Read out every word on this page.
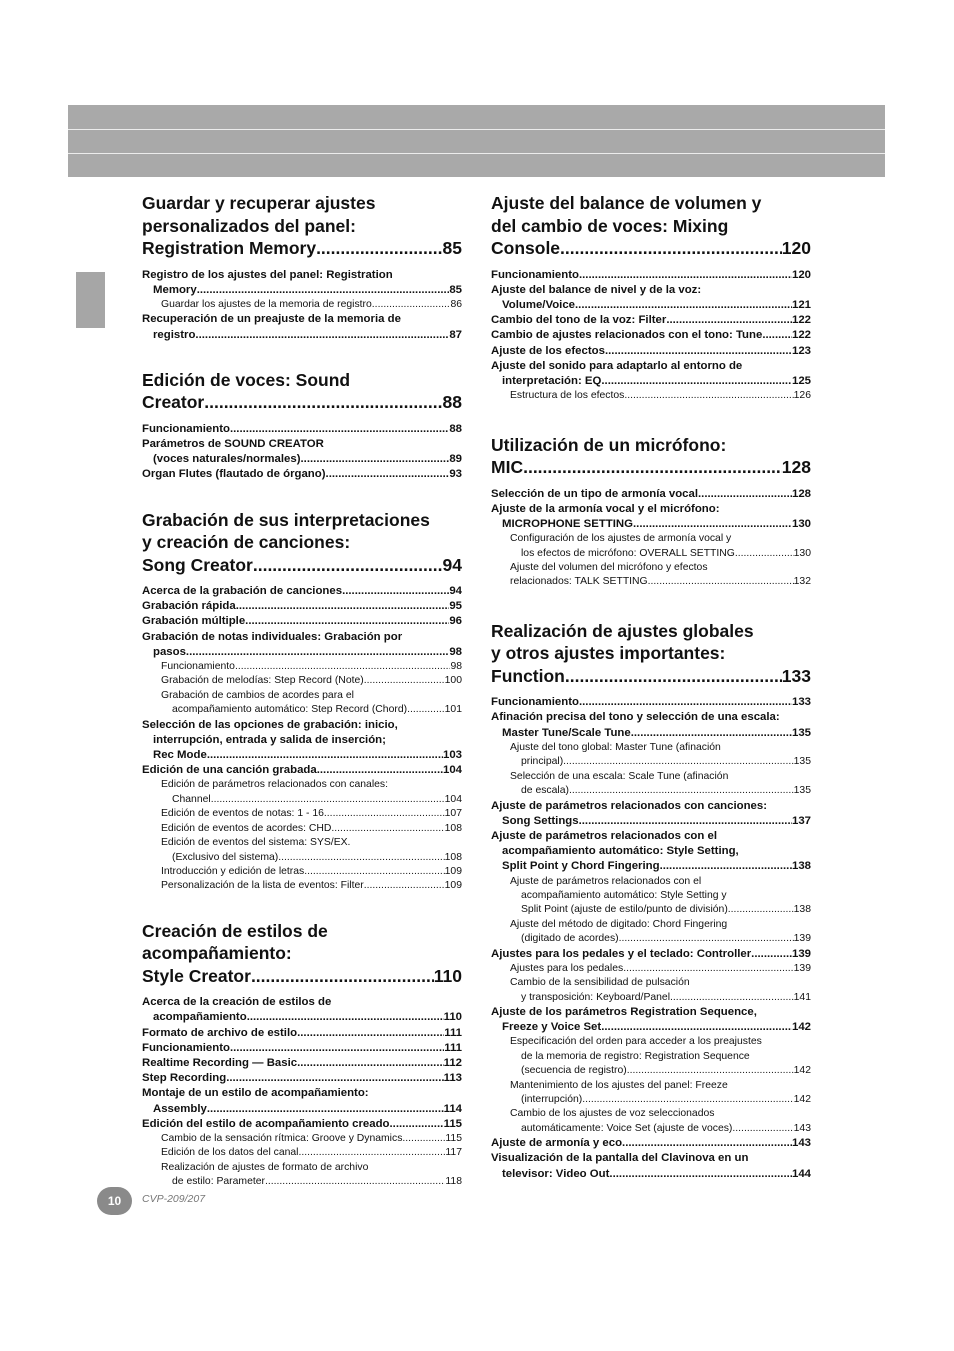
Guardar y recuperar ajustes
personalizados del panel:
Registration Memory .....	85
Registro de los ajustes del panel: Registration
Memory .....	85
Guardar los ajustes de la memoria de registro .....	86
Recuperación de un preajuste de la memoria de
registro .....	87
Edición de voces: Sound
Creator .....	88
Funcionamiento .....	88
Parámetros de SOUND CREATOR
(voces naturales/normales) .....	89
Organ Flutes (flautado de órgano) .....	93
Grabación de sus interpretaciones
y creación de canciones:
Song Creator .....	94
Acerca de la grabación de canciones .....	94
Grabación rápida .....	95
Grabación múltiple .....	96
Grabación de notas individuales: Grabación por
pasos .....	98
Funcionamiento .....	98
Grabación de melodías: Step Record (Note) .....	100
Grabación de cambios de acordes para el
acompañamiento automático: Step Record (Chord) .....	101
Selección de las opciones de grabación: inicio,
interrupción, entrada y salida de inserción;
Rec Mode .....	103
Edición de una canción grabada .....	104
Edición de parámetros relacionados con canales:
Channel .....	104
Edición de eventos de notas: 1 - 16 .....	107
Edición de eventos de acordes: CHD .....	108
Edición de eventos del sistema: SYS/EX.
(Exclusivo del sistema) .....	108
Introducción y edición de letras .....	109
Personalización de la lista de eventos: Filter .....	109
Creación de estilos de
acompañamiento:
Style Creator .....	110
Acerca de la creación de estilos de
acompañamiento .....	110
Formato de archivo de estilo .....	111
Funcionamiento .....	111
Realtime Recording — Basic .....	112
Step Recording .....	113
Montaje de un estilo de acompañamiento:
Assembly .....	114
Edición del estilo de acompañamiento creado .....	115
Cambio de la sensación rítmica: Groove y Dynamics .....	115
Edición de los datos del canal .....	117
Realización de ajustes de formato de archivo
de estilo: Parameter .....	118
Ajuste del balance de volumen y
del cambio de voces: Mixing
Console .....	120
Funcionamiento .....	120
Ajuste del balance de nivel y de la voz:
Volume/Voice .....	121
Cambio del tono de la voz: Filter .....	122
Cambio de ajustes relacionados con el tono: Tune .....	122
Ajuste de los efectos .....	123
Ajuste del sonido para adaptarlo al entorno de
interpretación: EQ .....	125
Estructura de los efectos .....	126
Utilización de un micrófono:
MIC. .....	128
Selección de un tipo de armonía vocal .....	128
Ajuste de la armonía vocal y el micrófono:
MICROPHONE SETTING .....	130
Configuración de los ajustes de armonía vocal y
los efectos de micrófono: OVERALL SETTING .....	130
Ajuste del volumen del micrófono y efectos
relacionados: TALK SETTING .....	132
Realización de ajustes globales
y otros ajustes importantes:
Function .....	133
Funcionamiento .....	133
Afinación precisa del tono y selección de una escala:
Master Tune/Scale Tune .....	135
Ajuste del tono global: Master Tune (afinación
principal) .....	135
Selección de una escala: Scale Tune (afinación
de escala) .....	135
Ajuste de parámetros relacionados con canciones:
Song Settings .....	137
Ajuste de parámetros relacionados con el
acompañamiento automático: Style Setting,
Split Point y Chord Fingering .....	138
Ajuste de parámetros relacionados con el
acompañamiento automático: Style Setting y
Split Point (ajuste de estilo/punto de división) .....	138
Ajuste del método de digitado: Chord Fingering
(digitado de acordes) .....	139
Ajustes para los pedales y el teclado: Controller .....	139
Ajustes para los pedales .....	139
Cambio de la sensibilidad de pulsación
y transposición: Keyboard/Panel .....	141
Ajuste de los parámetros Registration Sequence,
Freeze y Voice Set .....	142
Especificación del orden para acceder a los preajustes
de la memoria de registro: Registration Sequence
(secuencia de registro) .....	142
Mantenimiento de los ajustes del panel: Freeze
(interrupción) .....	142
Cambio de los ajustes de voz seleccionados
automáticamente: Voice Set (ajuste de voces) .....	143
Ajuste de armonía y eco .....	143
Visualización de la pantalla del Clavinova en un
televisor: Video Out .....	144
10	CVP-209/207
